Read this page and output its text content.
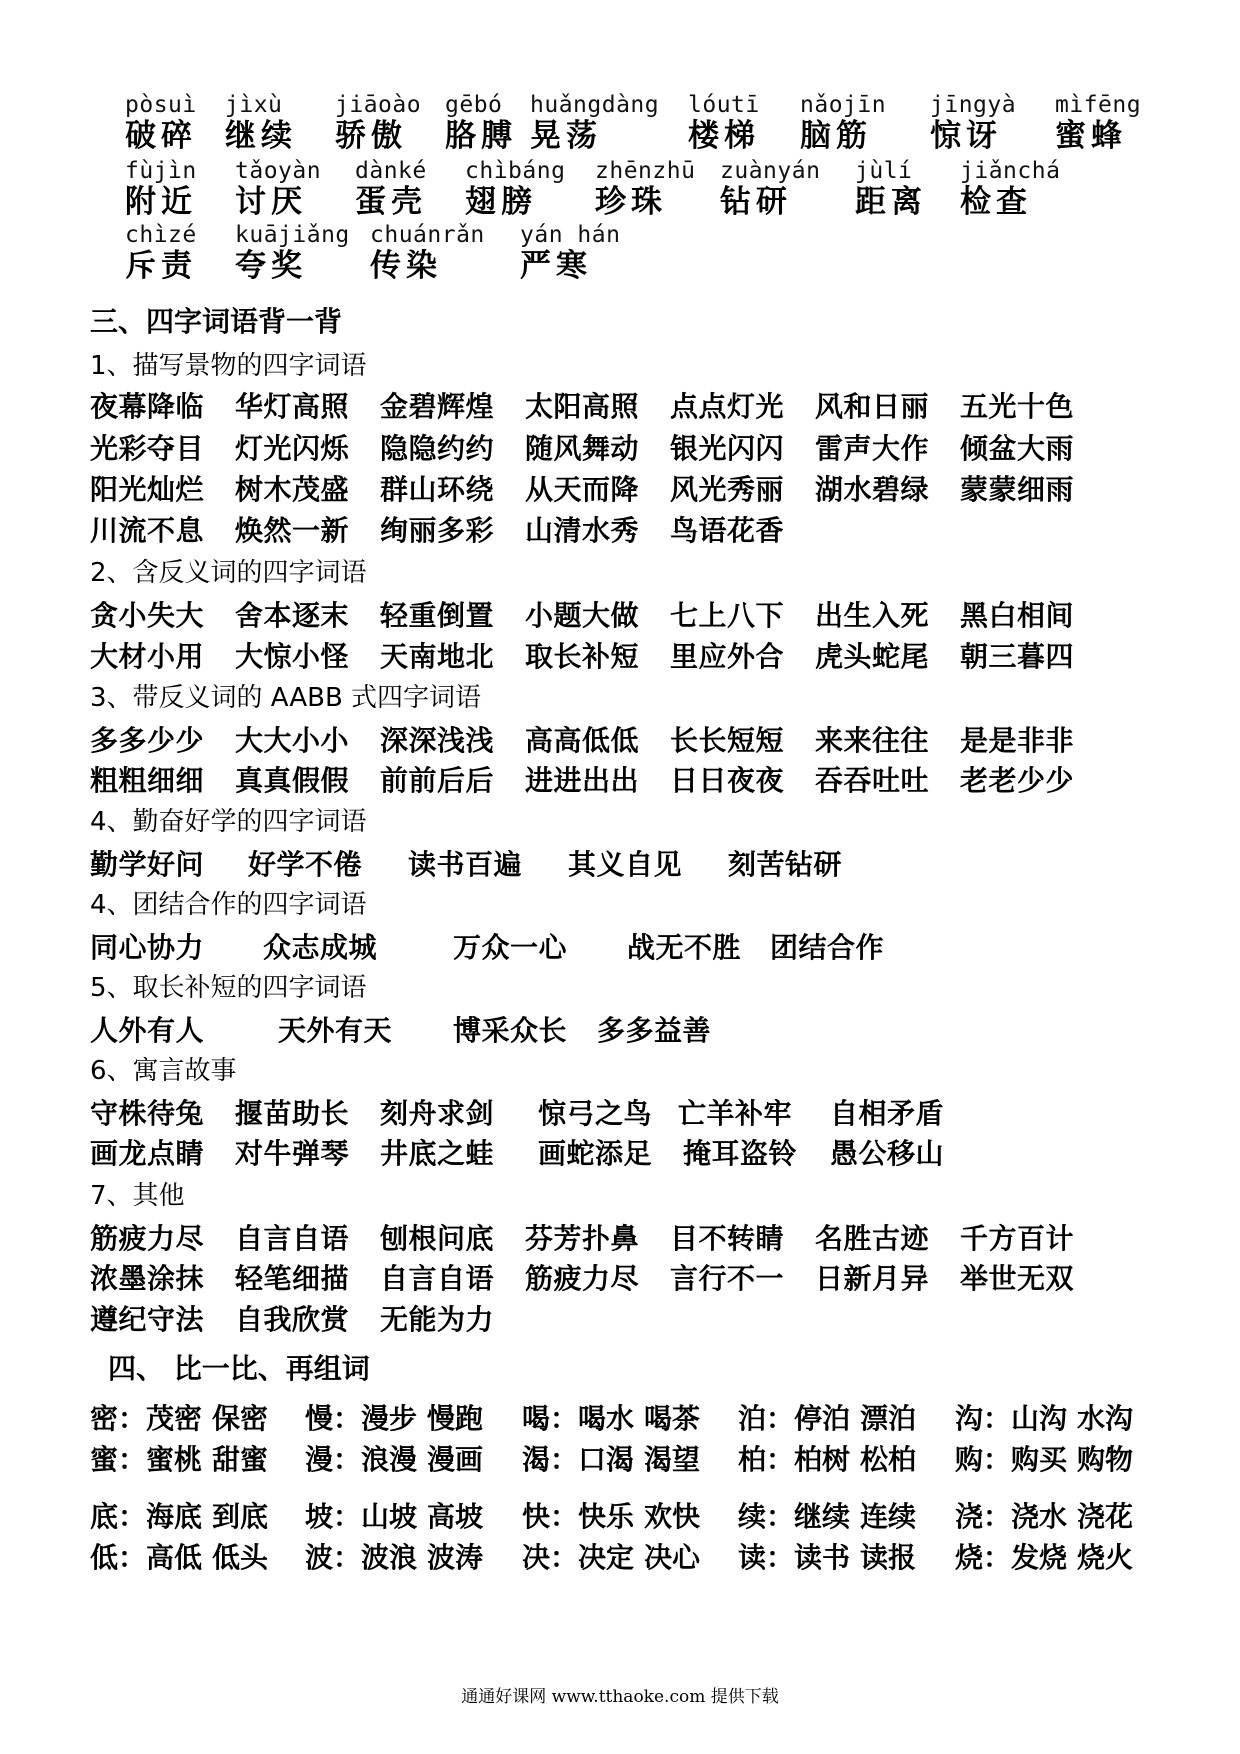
pòsuì
破碎
jìxù
继续
jiāoào
骄傲
gēbó
胳膊
huǎngdàng
晃荡
lóutī
楼梯
nǎojīn
脑筋
jīngyà
惊讶
mìfēng
蜜蜂
fùjìn
附近
tǎoyàn
讨厌
dànké
蛋壳
chìbáng
翅膀
zhēnzhū
珍珠
zuànyán
钻研
jùlí
距离
jiǎnchá
检查
chìzé
斥责
kuājiǎng
夸奖
chuánrǎn
传染
yán hán
严寒
三、四字词语背一背
1、描写景物的四字词语
夜幕降临 华灯高照 金碧辉煌 太阳高照 点点灯光 风和日丽 五光十色
光彩夺目 灯光闪烁 隐隐约约 随风舞动 银光闪闪 雷声大作 倾盆大雨
阳光灿烂 树木茂盛 群山环绕 从天而降 风光秀丽 湖水碧绿 蒙蒙细雨
川流不息 焕然一新 绚丽多彩 山清水秀 鸟语花香
2、含反义词的四字词语
贪小失大 舍本逐末 轻重倒置 小题大做 七上八下 出生入死 黑白相间
大材小用 大惊小怪 天南地北 取长补短 里应外合 虎头蛇尾 朝三暮四
3、带反义词的 AABB 式四字词语
多多少少 大大小小 深深浅浅 高高低低 长长短短 来来往往 是是非非
粗粗细细 真真假假 前前后后 进进出出 日日夜夜 吞吞吐吐 老老少少
4、勤奋好学的四字词语
勤学好问 好学不倦 读书百遍 其义自见 刻苦钻研
4、团结合作的四字词语
同心协力 众志成城	万众一心 战无不胜 团结合作
5、取长补短的四字词语
人外有人	天外有天 博采众长 多多益善
6、寓言故事
守株待兔 揠苗助长 刻舟求剑 惊弓之鸟 亡羊补牢 自相矛盾
画龙点睛 对牛弹琴 井底之蛙 画蛇添足 掩耳盗铃 愚公移山
7、其他
筋疲力尽 自言自语 刨根问底 芬芳扑鼻 目不转睛 名胜古迹 千方百计
浓墨涂抹 轻笔细描 自言自语 筋疲力尽 言行不一 日新月异 举世无双
遵纪守法 自我欣赏 无能为力
四、 比一比、再组词
密：茂密 保密 慢：漫步 慢跑 喝：喝水 喝茶 泊：停泊 漂泊 沟：山沟 水沟
蜜：蜜桃 甜蜜 漫：浪漫 漫画 渴：口渴 渴望 柏：柏树 松柏 购：购买 购物
底：海底 到底 坡：山坡 高坡 快：快乐 欢快 续：继续 连续 浇：浇水 浇花
低：高低 低头 波：波浪 波涛 决：决定 决心 读：读书 读报 烧：发烧 烧火
通通好课网 www.tthaoke.com 提供下载
